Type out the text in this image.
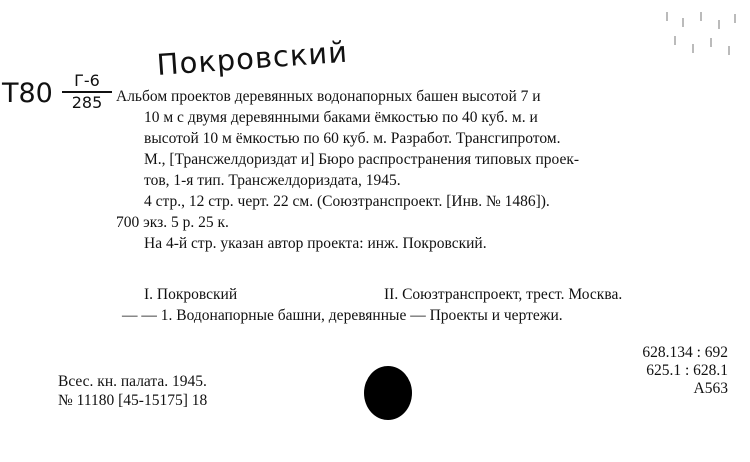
Покровский
Т80	Г-6
285 Альбом проектов деревянных водонапорных башен высотой 7 и
10 м с двумя деревянными баками ёмкостью по 40 куб. м. и
высотой 10 м ёмкостью по 60 куб. м. Разработ. Трансгипротом.
М., [Трансжелдориздат и] Бюро распространения типовых проек-
тов, 1-я тип. Трансжелдориздата, 1945.
4 стр., 12 стр. черт. 22 см. (Союзтранспроект. [Инв. № 1486]).
700 экз. 5 р. 25 к.
На 4-й стр. указан автор проекта: инж. Покровский.
I. Покровский	II. Союзтранспроект, трест. Москва.
— — 1. Водонапорные башни, деревянные — Проекты и чертежи.
Всес. кн. палата. 1945.
№ 11180 [45-15175] 18
628.134 : 692
625.1 : 628.1
А563
